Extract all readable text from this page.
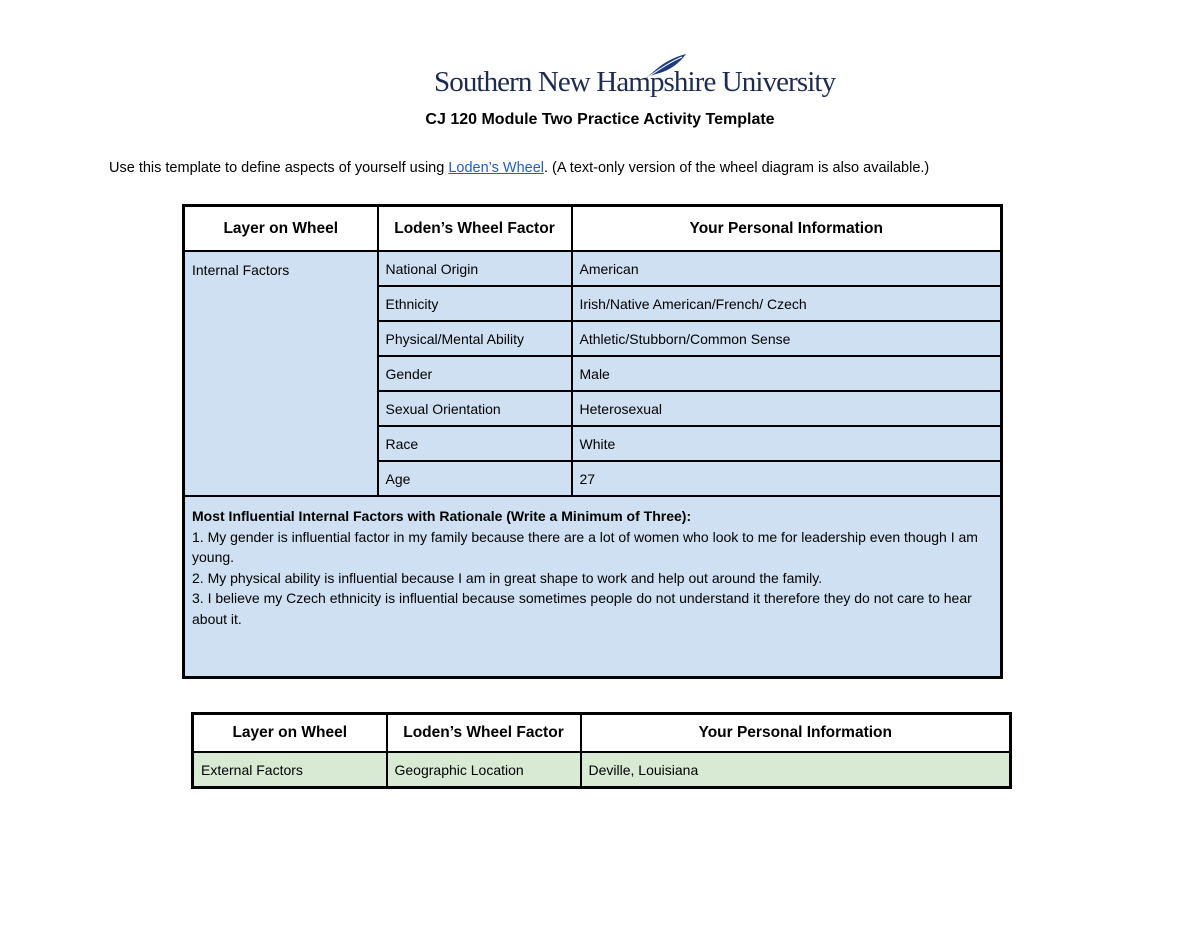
Southern New Hampshire University
CJ 120 Module Two Practice Activity Template
Use this template to define aspects of yourself using Loden’s Wheel. (A text-only version of the wheel diagram is also available.)
Layer on Wheel	Loden’s Wheel Factor	Your Personal Information
Internal Factors	National Origin	American
	Ethnicity	Irish/Native American/French/ Czech
	Physical/Mental Ability	Athletic/Stubborn/Common Sense
	Gender	Male
	Sexual Orientation	Heterosexual
	Race	White
	Age	27

Most Influential Internal Factors with Rationale (Write a Minimum of Three):
1. My gender is influential factor in my family because there are a lot of women who look to me for leadership even though I am young.
2. My physical ability is influential because I am in great shape to work and help out around the family.
3. I believe my Czech ethnicity is influential because sometimes people do not understand it therefore they do not care to hear about it.		
Layer on Wheel	Loden’s Wheel Factor	Your Personal Information
External Factors	Geographic Location	Deville, Louisiana
